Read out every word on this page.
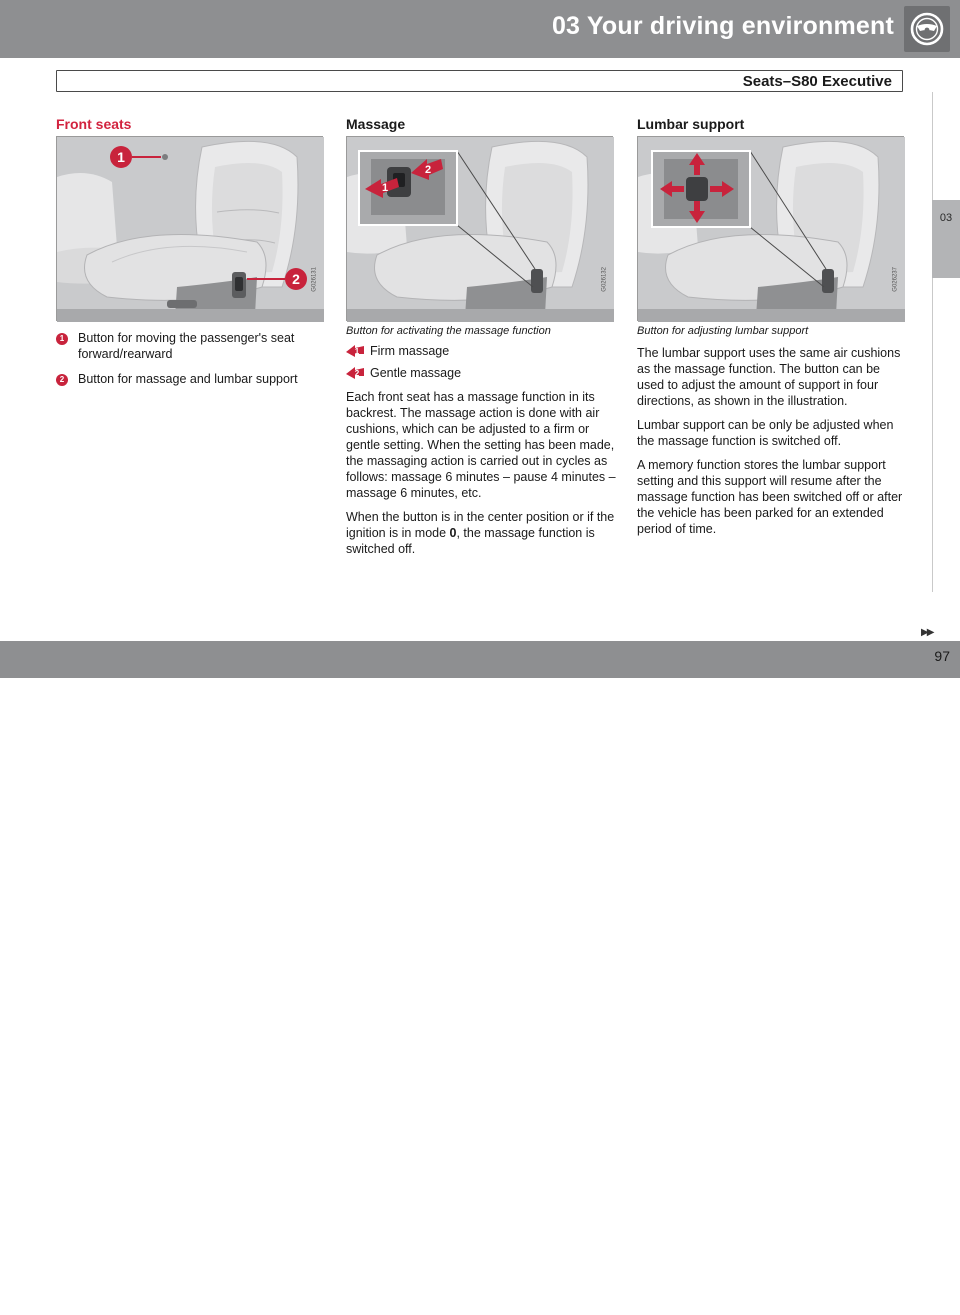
03 Your driving environment
Seats–S80 Executive
03
Front seats
1
2 G026131
1	Button for moving the passenger's seat forward/rearward
2	Button for massage and lumbar support
Massage
1
2
G026132
Button for activating the massage function
1 Firm massage
2 Gentle massage

Each front seat has a massage function in its backrest. The massage action is done with air cushions, which can be adjusted to a firm or gentle setting. When the setting has been made, the massaging action is carried out in cycles as follows: massage 6 minutes – pause 4 minutes – massage 6 minutes, etc.

When the button is in the center position or if the ignition is in mode 0, the massage function is switched off.

Lumbar support
G026237
Button for adjusting lumbar support

The lumbar support uses the same air cushions as the massage function. The button can be used to adjust the amount of support in four directions, as shown in the illustration.

Lumbar support can be only be adjusted when the massage function is switched off.

A memory function stores the lumbar support setting and this support will resume after the massage function has been switched off or after the vehicle has been parked for an extended period of time.

carmanualsonline.info
▶▶
97
